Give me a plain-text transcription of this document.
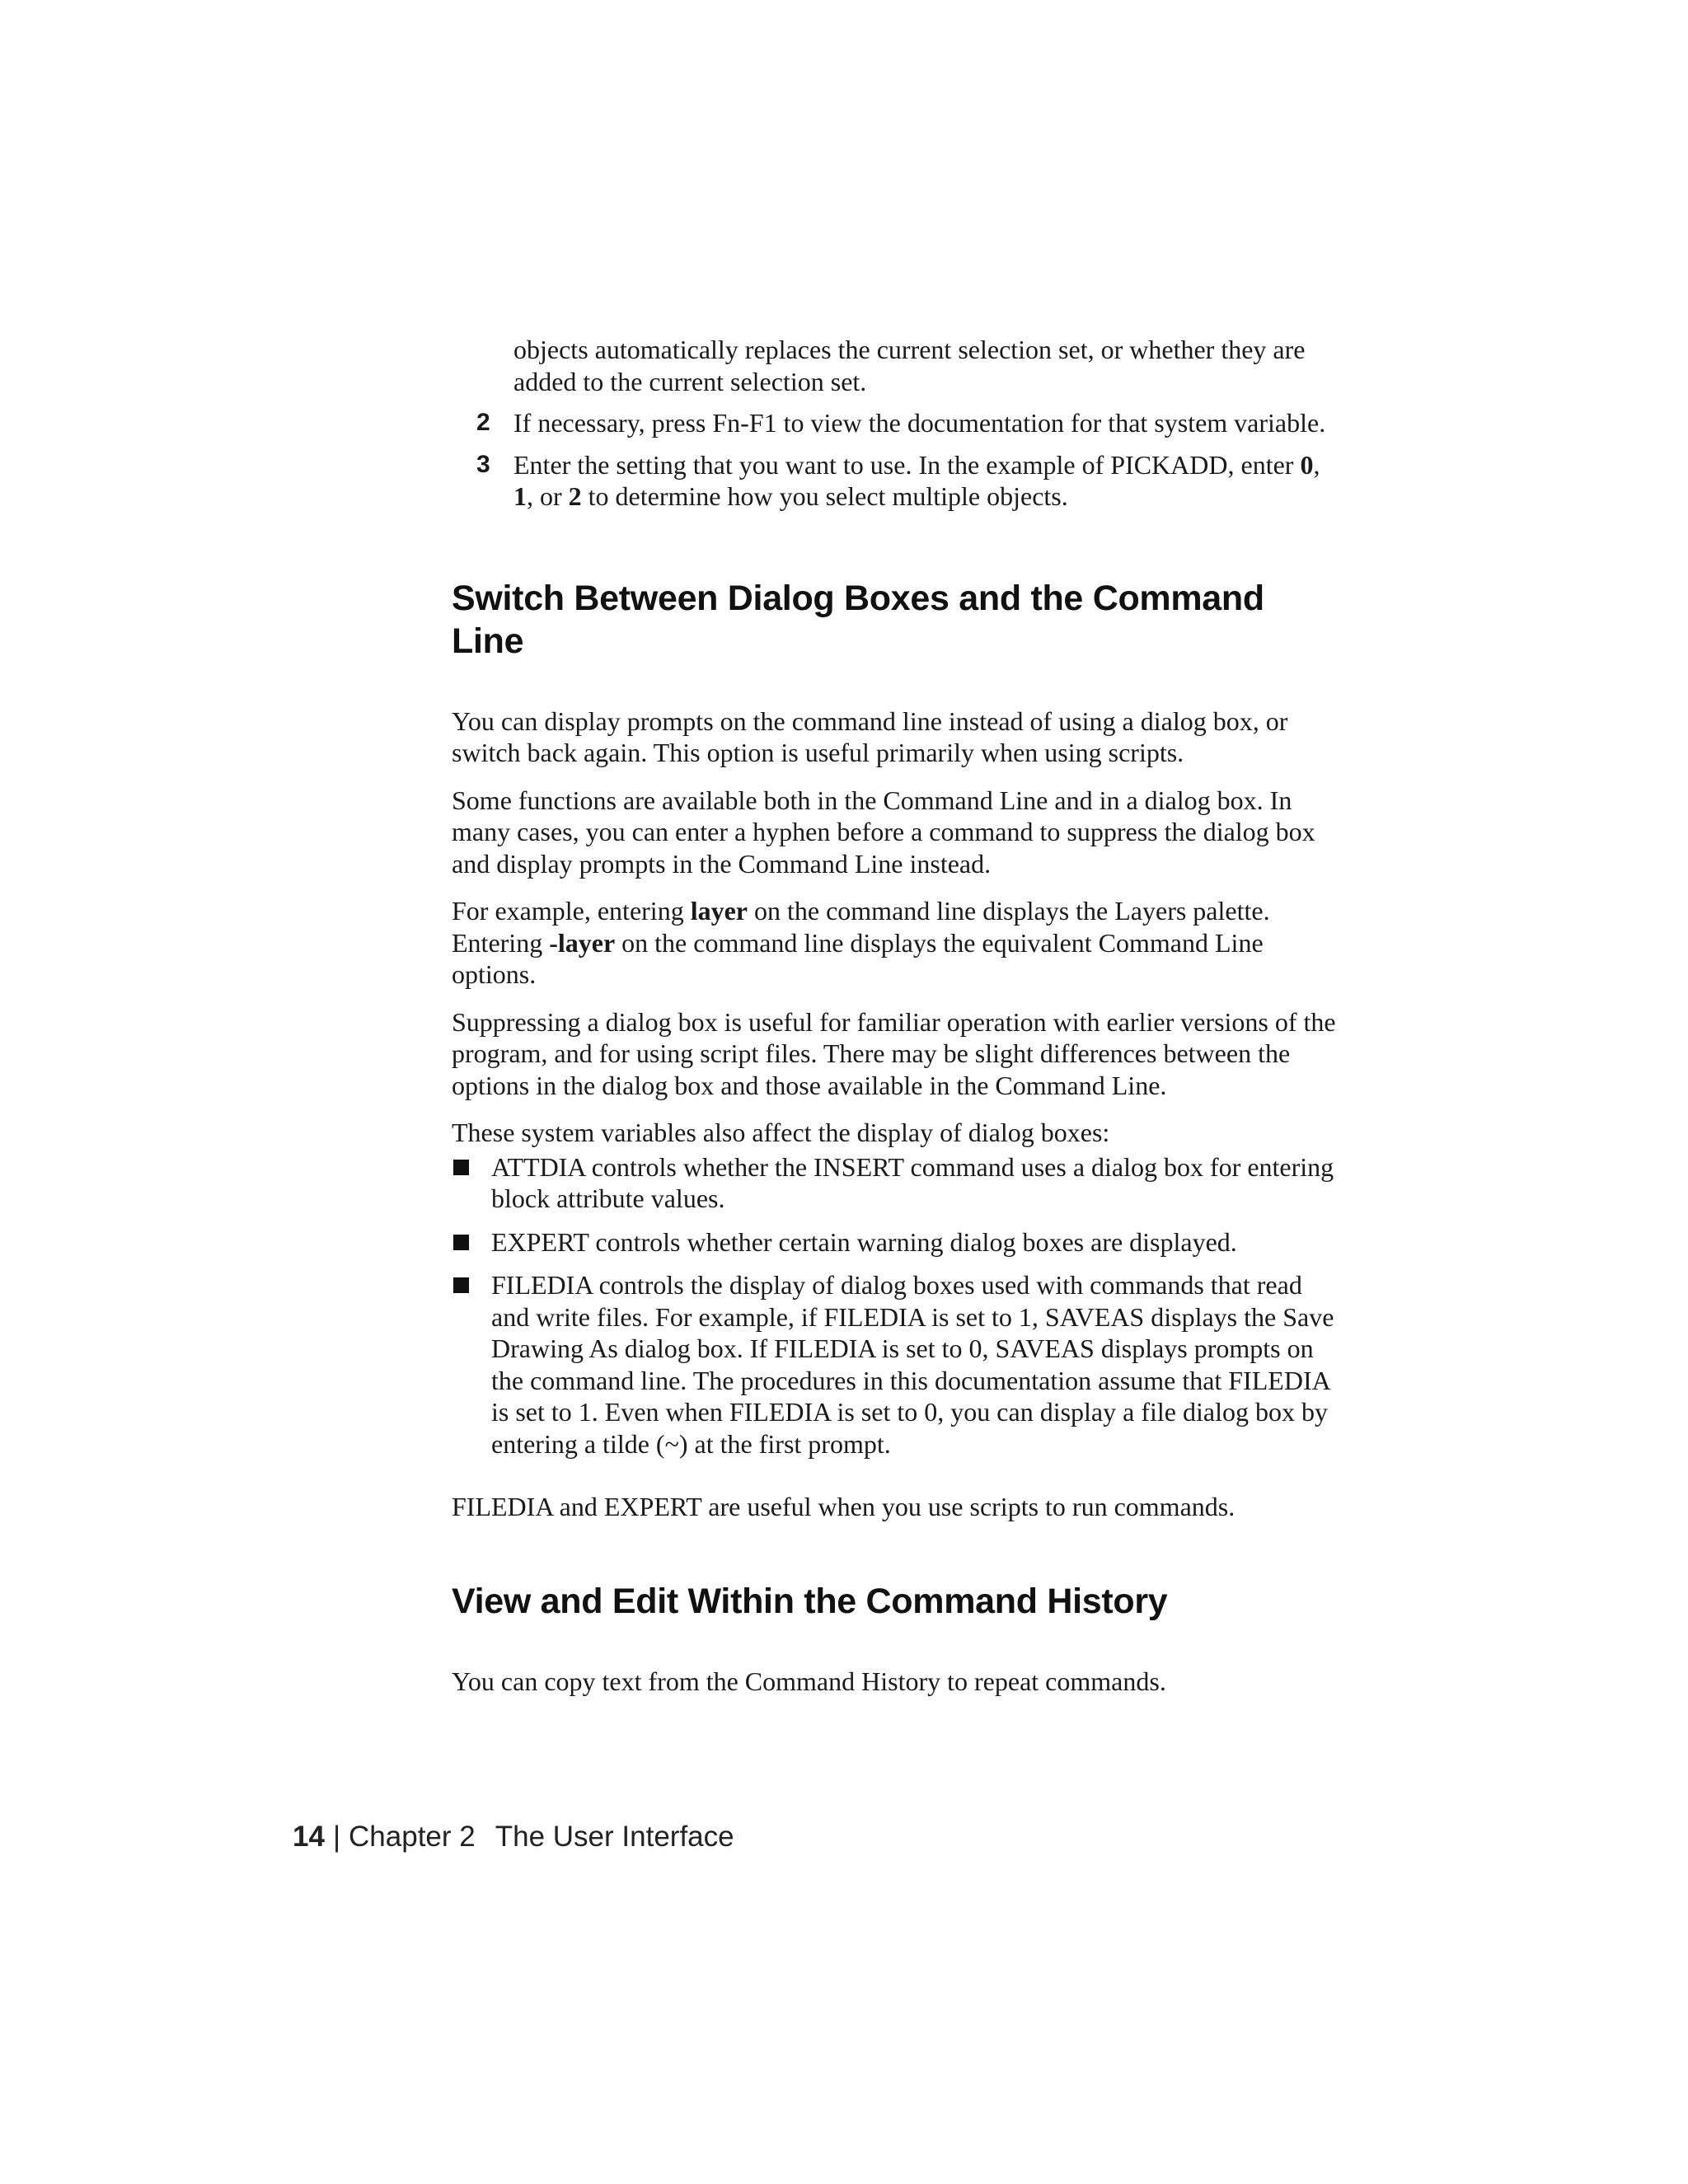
objects automatically replaces the current selection set, or whether they are added to the current selection set.

2 If necessary, press Fn-F1 to view the documentation for that system variable.

3 Enter the setting that you want to use. In the example of PICKADD, enter 0, 1, or 2 to determine how you select multiple objects.

Switch Between Dialog Boxes and the Command Line

You can display prompts on the command line instead of using a dialog box, or switch back again. This option is useful primarily when using scripts.

Some functions are available both in the Command Line and in a dialog box. In many cases, you can enter a hyphen before a command to suppress the dialog box and display prompts in the Command Line instead.

For example, entering layer on the command line displays the Layers palette. Entering -layer on the command line displays the equivalent Command Line options.

Suppressing a dialog box is useful for familiar operation with earlier versions of the program, and for using script files. There may be slight differences between the options in the dialog box and those available in the Command Line.

These system variables also affect the display of dialog boxes:

ATTDIA controls whether the INSERT command uses a dialog box for entering block attribute values.

EXPERT controls whether certain warning dialog boxes are displayed.

FILEDIA controls the display of dialog boxes used with commands that read and write files. For example, if FILEDIA is set to 1, SAVEAS displays the Save Drawing As dialog box. If FILEDIA is set to 0, SAVEAS displays prompts on the command line. The procedures in this documentation assume that FILEDIA is set to 1. Even when FILEDIA is set to 0, you can display a file dialog box by entering a tilde (~) at the first prompt.

FILEDIA and EXPERT are useful when you use scripts to run commands.

View and Edit Within the Command History

You can copy text from the Command History to repeat commands.

14 | Chapter 2 The User Interface
